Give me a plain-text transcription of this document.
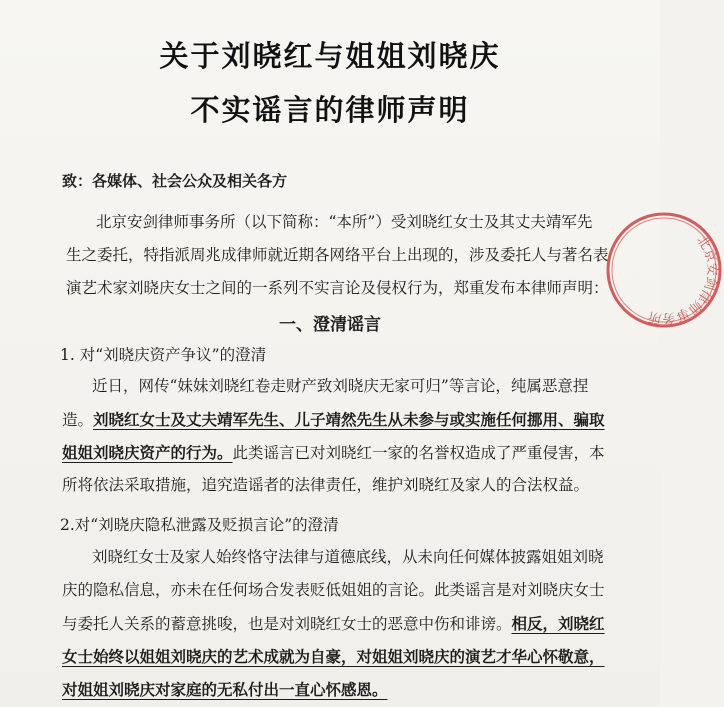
关于刘晓红与姐姐刘晓庆
不实谣言的律师声明
致：各媒体、社会公众及相关各方
北京安剑律师事务所（以下简称：“本所”）受刘晓红女士及其丈夫靖军先
生之委托，特指派周兆成律师就近期各网络平台上出现的，涉及委托人与著名表
演艺术家刘晓庆女士之间的一系列不实言论及侵权行为，郑重发布本律师声明：
一、澄清谣言
1. 对“刘晓庆资产争议”的澄清
近日，网传“妹妹刘晓红卷走财产致刘晓庆无家可归”等言论，纯属恶意捏
造。刘晓红女士及丈夫靖军先生、儿子靖然先生从未参与或实施任何挪用、骗取
姐姐刘晓庆资产的行为。此类谣言已对刘晓红一家的名誉权造成了严重侵害，本
所将依法采取措施，追究造谣者的法律责任，维护刘晓红及家人的合法权益。
2.对“刘晓庆隐私泄露及贬损言论”的澄清
刘晓红女士及家人始终恪守法律与道德底线，从未向任何媒体披露姐姐刘晓
庆的隐私信息，亦未在任何场合发表贬低姐姐的言论。此类谣言是对刘晓庆女士
与委托人关系的蓄意挑唆，也是对刘晓红女士的恶意中伤和诽谤。相反，刘晓红
女士始终以姐姐刘晓庆的艺术成就为自豪，对姐姐刘晓庆的演艺才华心怀敬意，
对姐姐刘晓庆对家庭的无私付出一直心怀感恩。
北京安剑律师事务所
